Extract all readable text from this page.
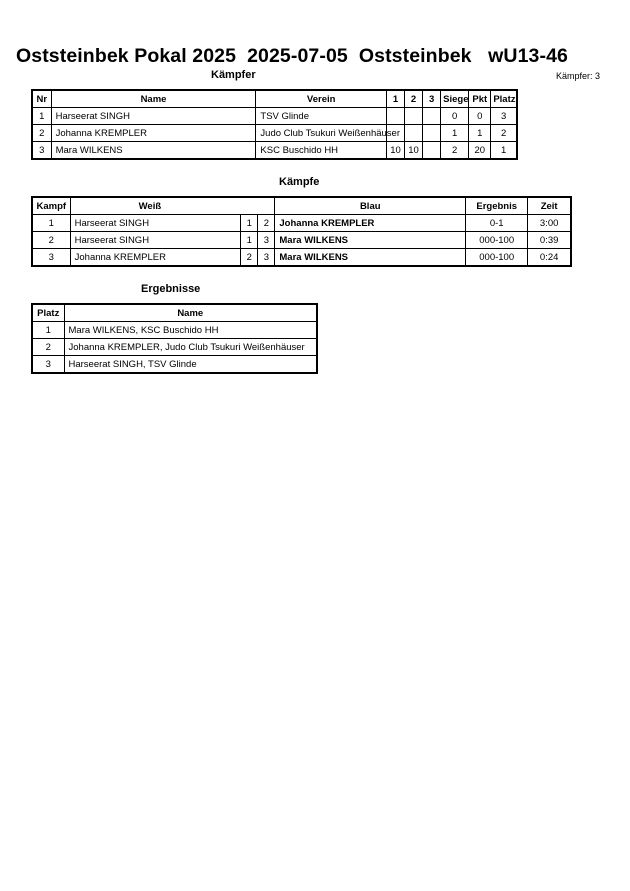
Oststeinbek Pokal 2025  2025-07-05  Oststeinbek   wU13-46
Kämpfer	Kämpfer: 3
Nr	Name	Verein	1	2	3	Siege	Pkt	Platz
1	Harseerat SINGH	TSV Glinde				0	0	3
2	Johanna KREMPLER	Judo Club Tsukuri Weißenhäuser				1	1	2
3	Mara WILKENS	KSC Buschido HH	10	10		2	20	1
Kämpfe
Kampf	Weiß			Blau	Ergebnis	Zeit
1	Harseerat SINGH	1	2	Johanna KREMPLER	0-1	3:00
2	Harseerat SINGH	1	3	Mara WILKENS	000-100	0:39
3	Johanna KREMPLER	2	3	Mara WILKENS	000-100	0:24
Ergebnisse
Platz	Name
1	Mara WILKENS, KSC Buschido HH
2	Johanna KREMPLER, Judo Club Tsukuri Weißenhäuser
3	Harseerat SINGH, TSV Glinde
